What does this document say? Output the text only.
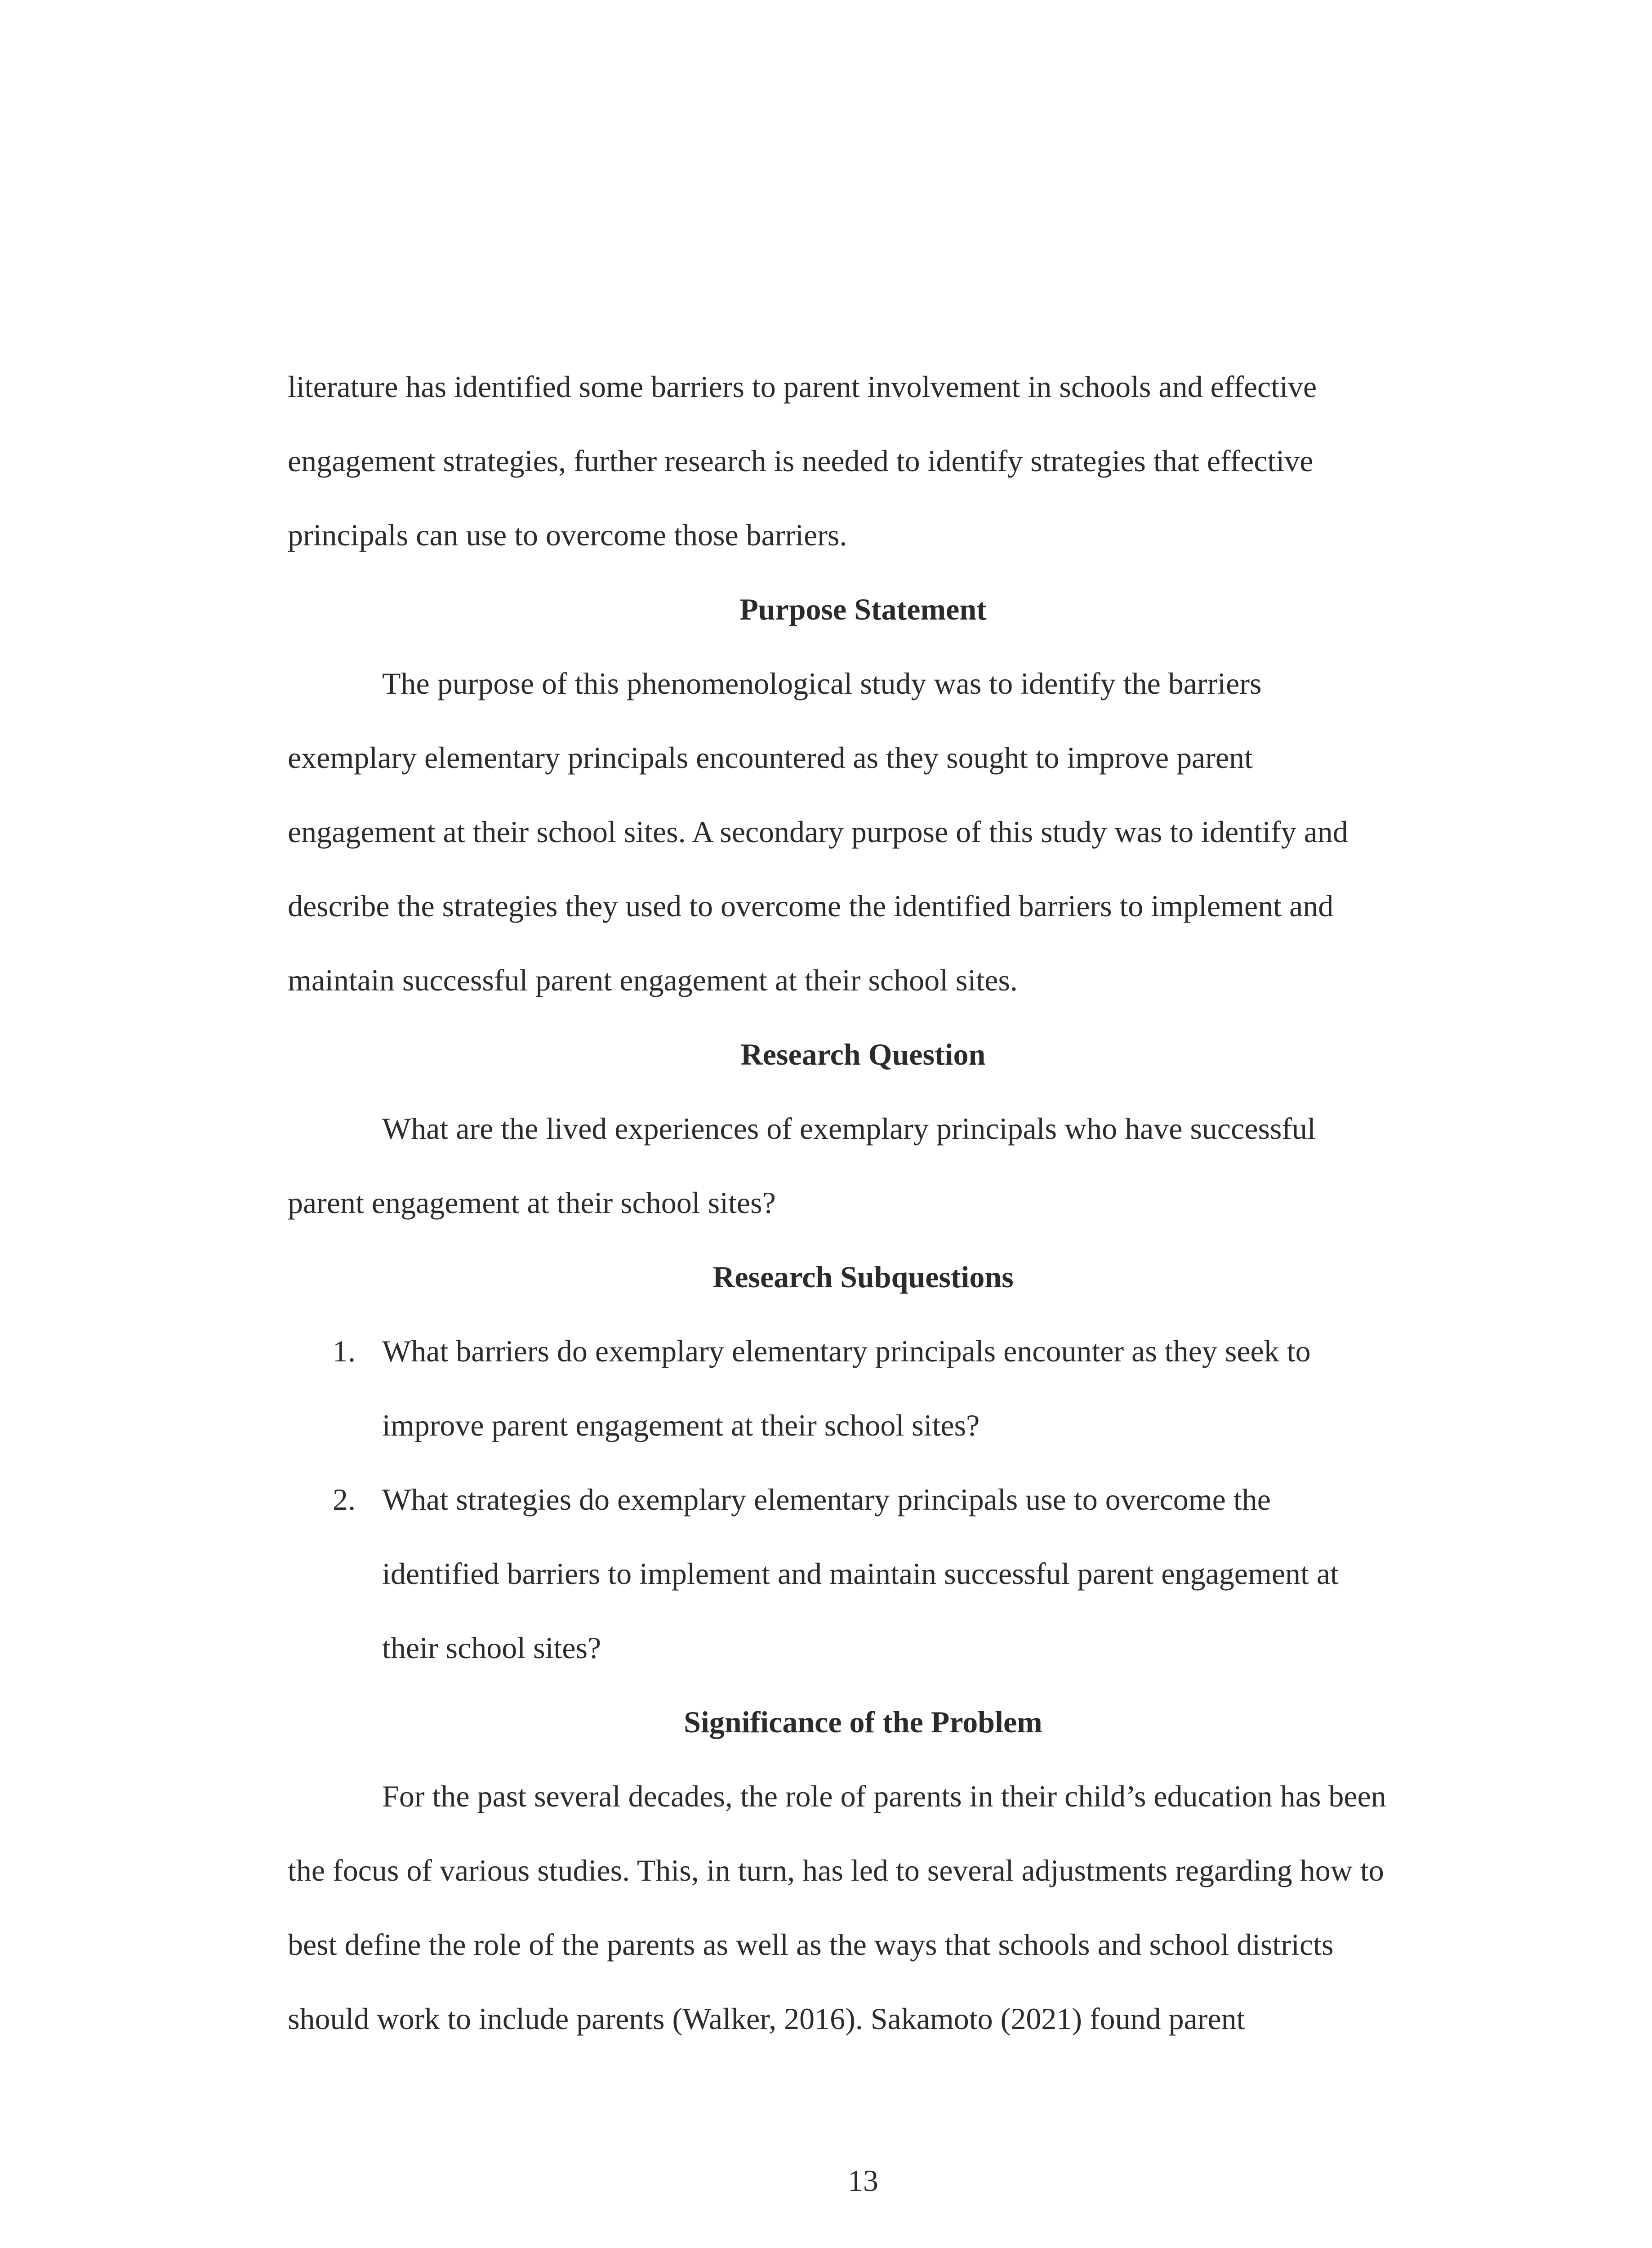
literature has identified some barriers to parent involvement in schools and effective
engagement strategies, further research is needed to identify strategies that effective
principals can use to overcome those barriers.
Purpose Statement
The purpose of this phenomenological study was to identify the barriers
exemplary elementary principals encountered as they sought to improve parent
engagement at their school sites. A secondary purpose of this study was to identify and
describe the strategies they used to overcome the identified barriers to implement and
maintain successful parent engagement at their school sites.
Research Question
What are the lived experiences of exemplary principals who have successful
parent engagement at their school sites?
Research Subquestions
1. What barriers do exemplary elementary principals encounter as they seek to
improve parent engagement at their school sites?
2. What strategies do exemplary elementary principals use to overcome the
identified barriers to implement and maintain successful parent engagement at
their school sites?
Significance of the Problem
For the past several decades, the role of parents in their child’s education has been
the focus of various studies. This, in turn, has led to several adjustments regarding how to
best define the role of the parents as well as the ways that schools and school districts
should work to include parents (Walker, 2016). Sakamoto (2021) found parent
13
